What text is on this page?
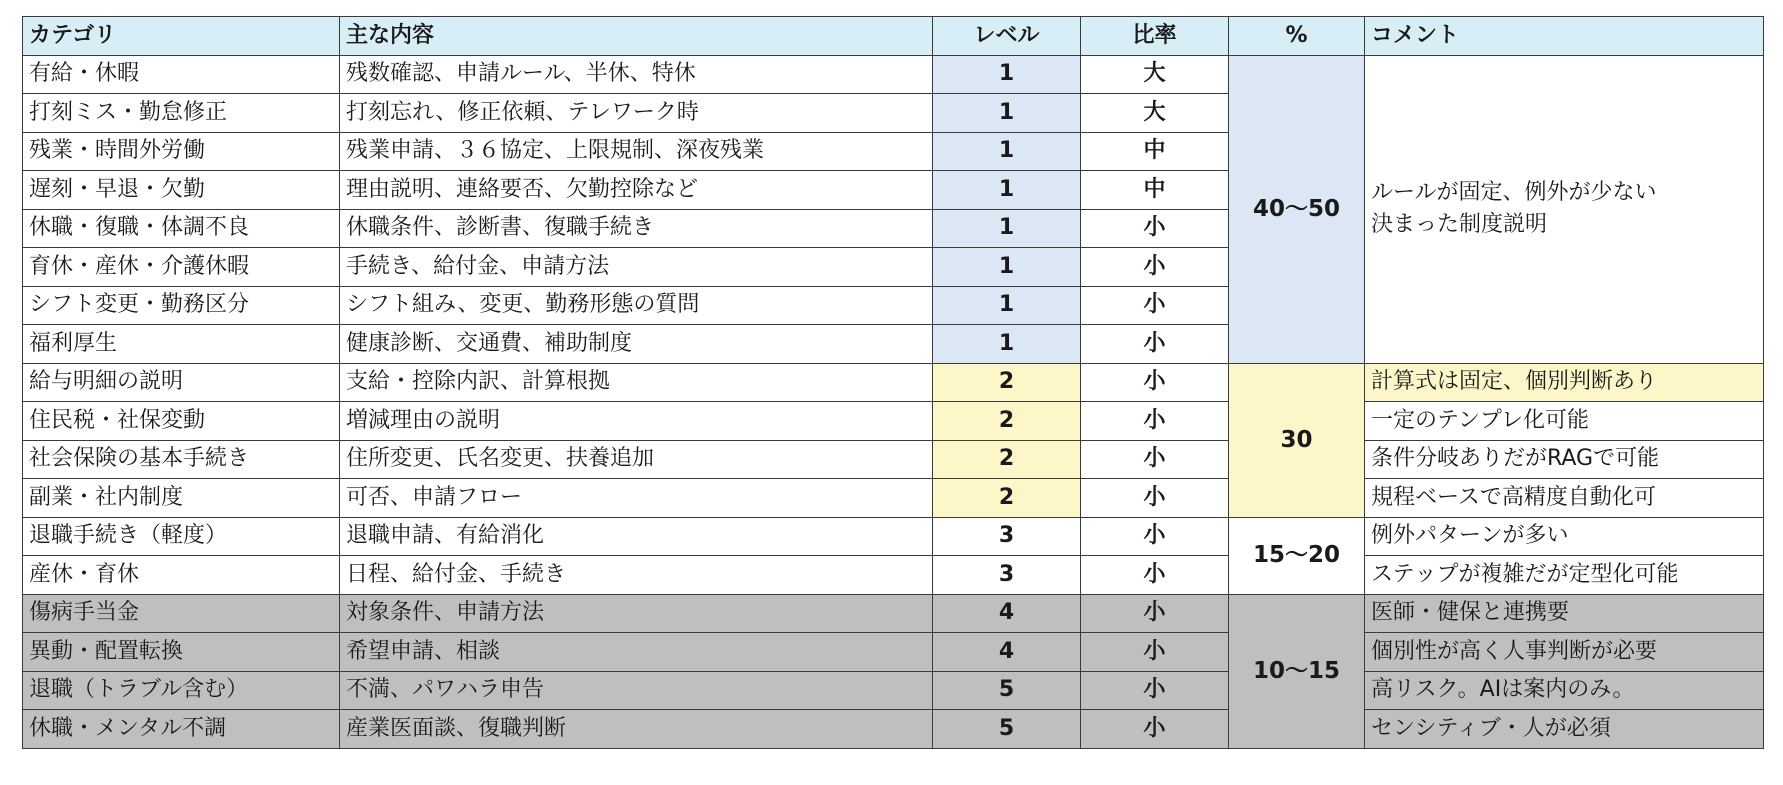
カテゴリ	主な内容	レベル	比率	%	コメント
有給・休暇	残数確認、申請ルール、半休、特休	1	大	40〜50	ルールが固定、例外が少ない
決まった制度説明

打刻ミス・勤怠修正	打刻忘れ、修正依頼、テレワーク時	1	大		
残業・時間外労働	残業申請、３６協定、上限規制、深夜残業	1	中		
遅刻・早退・欠勤	理由説明、連絡要否、欠勤控除など	1	中		
休職・復職・体調不良	休職条件、診断書、復職手続き	1	小		
育休・産休・介護休暇	手続き、給付金、申請方法	1	小		
シフト変更・勤務区分	シフト組み、変更、勤務形態の質問	1	小		
福利厚生	健康診断、交通費、補助制度	1	小		
給与明細の説明	支給・控除内訳、計算根拠	2	小	30	計算式は固定、個別判断あり
住民税・社保変動	増減理由の説明	2	小		一定のテンプレ化可能
社会保険の基本手続き	住所変更、氏名変更、扶養追加	2	小		条件分岐ありだがRAGで可能
副業・社内制度	可否、申請フロー	2	小		規程ベースで高精度自動化可
退職手続き（軽度）	退職申請、有給消化	3	小	15〜20	例外パターンが多い
産休・育休	日程、給付金、手続き	3	小		ステップが複雑だが定型化可能
傷病手当金	対象条件、申請方法	4	小	10〜15	医師・健保と連携要
異動・配置転換	希望申請、相談	4	小		個別性が高く人事判断が必要
退職（トラブル含む）	不満、パワハラ申告	5	小		高リスク。AIは案内のみ。
休職・メンタル不調	産業医面談、復職判断	5	小		センシティブ・人が必須
